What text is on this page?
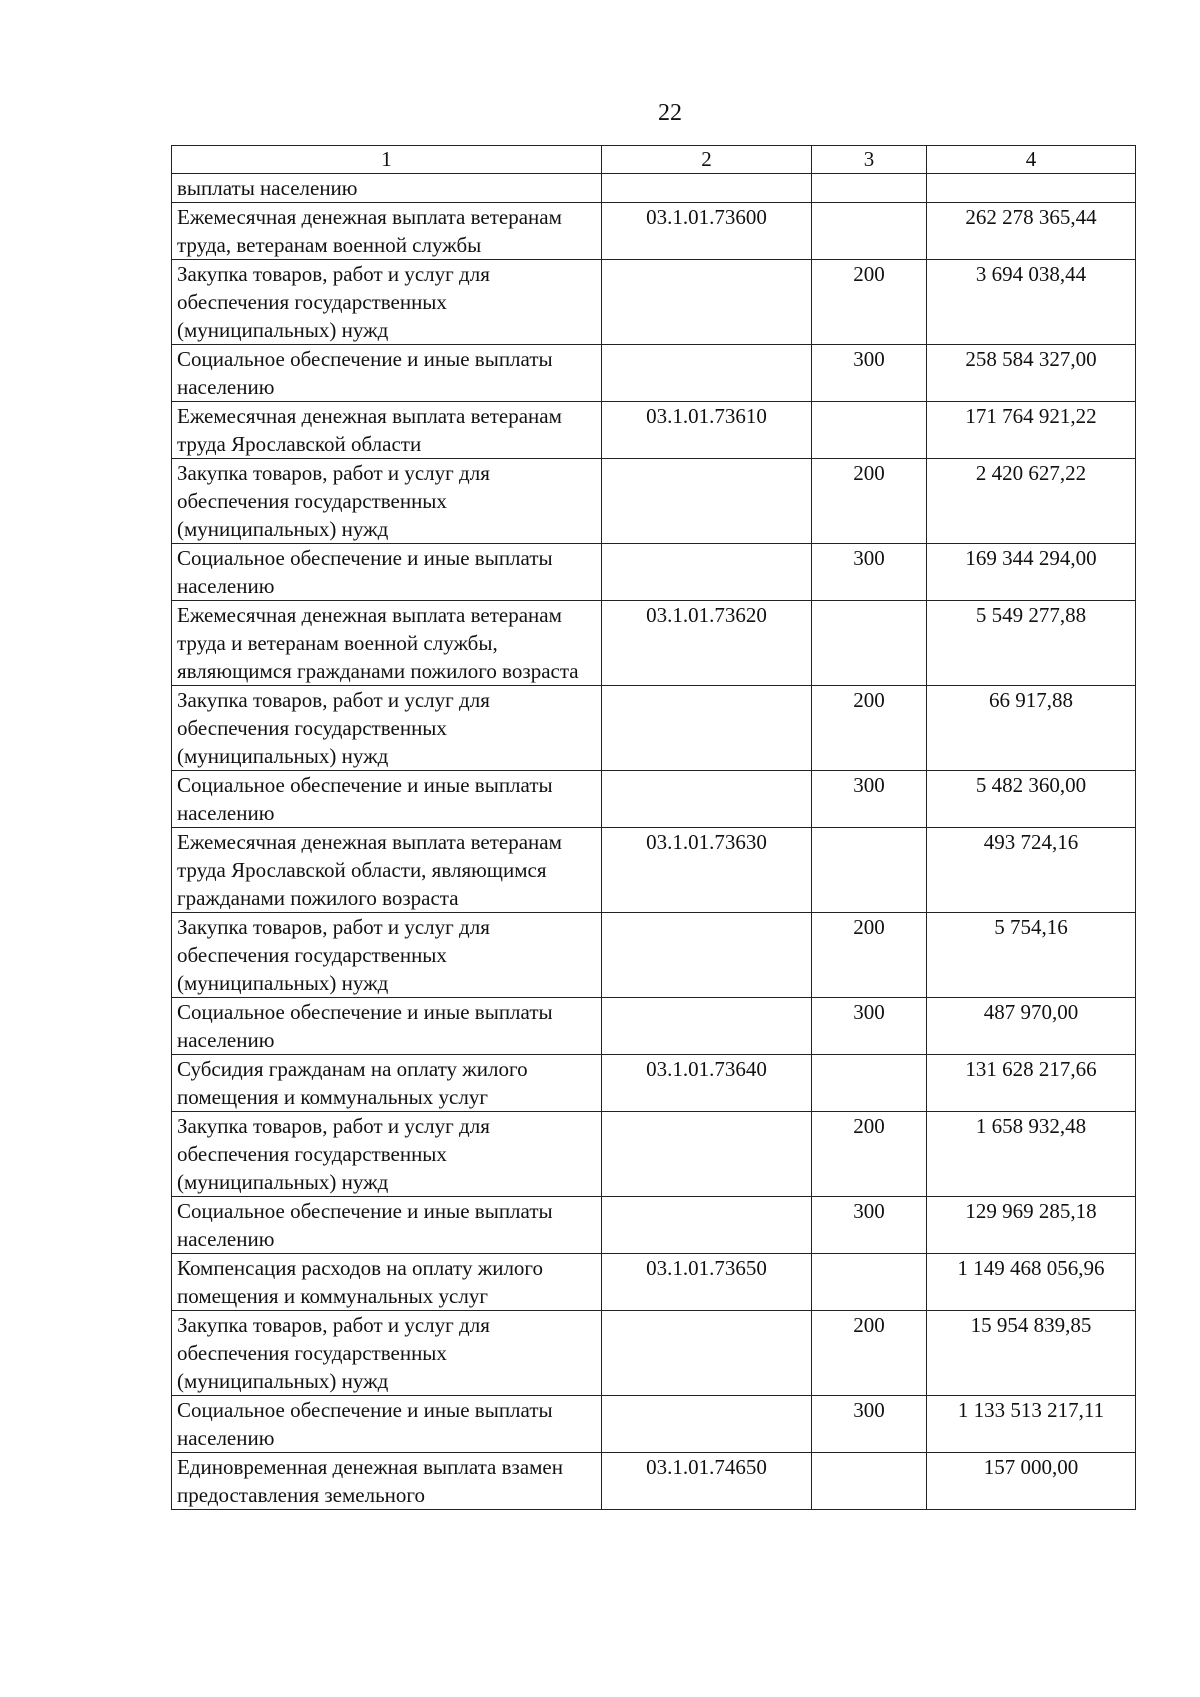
22
1	2	3	4
выплаты населению			
Ежемесячная денежная выплата ветеранам труда, ветеранам военной службы	03.1.01.73600		262 278 365,44
Закупка товаров, работ и услуг для обеспечения государственных (муниципальных) нужд		200	3 694 038,44
Социальное обеспечение и иные выплаты населению		300	258 584 327,00
Ежемесячная денежная выплата ветеранам труда Ярославской области	03.1.01.73610		171 764 921,22
Закупка товаров, работ и услуг для обеспечения государственных (муниципальных) нужд		200	2 420 627,22
Социальное обеспечение и иные выплаты населению		300	169 344 294,00
Ежемесячная денежная выплата ветеранам труда и ветеранам военной службы, являющимся гражданами пожилого возраста	03.1.01.73620		5 549 277,88
Закупка товаров, работ и услуг для обеспечения государственных (муниципальных) нужд		200	66 917,88
Социальное обеспечение и иные выплаты населению		300	5 482 360,00
Ежемесячная денежная выплата ветеранам труда Ярославской области, являющимся гражданами пожилого возраста	03.1.01.73630		493 724,16
Закупка товаров, работ и услуг для обеспечения государственных (муниципальных) нужд		200	5 754,16
Социальное обеспечение и иные выплаты населению		300	487 970,00
Субсидия гражданам на оплату жилого помещения и коммунальных услуг	03.1.01.73640		131 628 217,66
Закупка товаров, работ и услуг для обеспечения государственных (муниципальных) нужд		200	1 658 932,48
Социальное обеспечение и иные выплаты населению		300	129 969 285,18
Компенсация расходов на оплату жилого помещения и коммунальных услуг	03.1.01.73650		1 149 468 056,96
Закупка товаров, работ и услуг для обеспечения государственных (муниципальных) нужд		200	15 954 839,85
Социальное обеспечение и иные выплаты населению		300	1 133 513 217,11
Единовременная денежная выплата взамен предоставления земельного	03.1.01.74650		157 000,00
